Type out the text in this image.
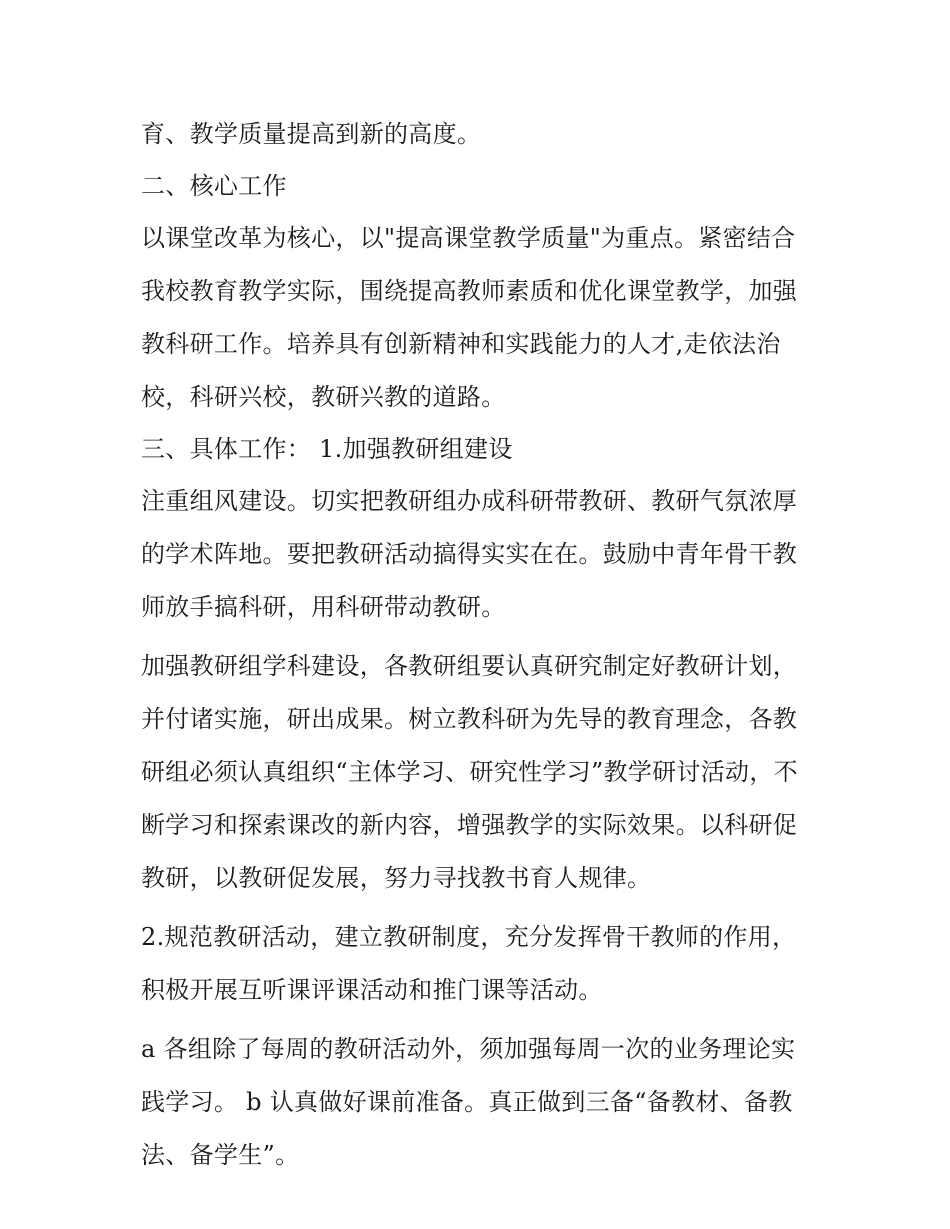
育、教学质量提高到新的高度。
二、核心工作
以课堂改革为核心，以"提高课堂教学质量"为重点。紧密结合
我校教育教学实际，围绕提高教师素质和优化课堂教学，加强
教科研工作。培养具有创新精神和实践能力的人才,走依法治
校，科研兴校，教研兴教的道路。
三、具体工作： 1.加强教研组建设
注重组风建设。切实把教研组办成科研带教研、教研气氛浓厚
的学术阵地。要把教研活动搞得实实在在。鼓励中青年骨干教
师放手搞科研，用科研带动教研。
加强教研组学科建设，各教研组要认真研究制定好教研计划，
并付诸实施，研出成果。树立教科研为先导的教育理念，各教
研组必须认真组织“主体学习、研究性学习”教学研讨活动，不
断学习和探索课改的新内容，增强教学的实际效果。以科研促
教研，以教研促发展，努力寻找教书育人规律。
2.规范教研活动，建立教研制度，充分发挥骨干教师的作用，
积极开展互听课评课活动和推门课等活动。
a 各组除了每周的教研活动外，须加强每周一次的业务理论实
践学习。 b 认真做好课前准备。真正做到三备“备教材、备教
法、备学生”。
